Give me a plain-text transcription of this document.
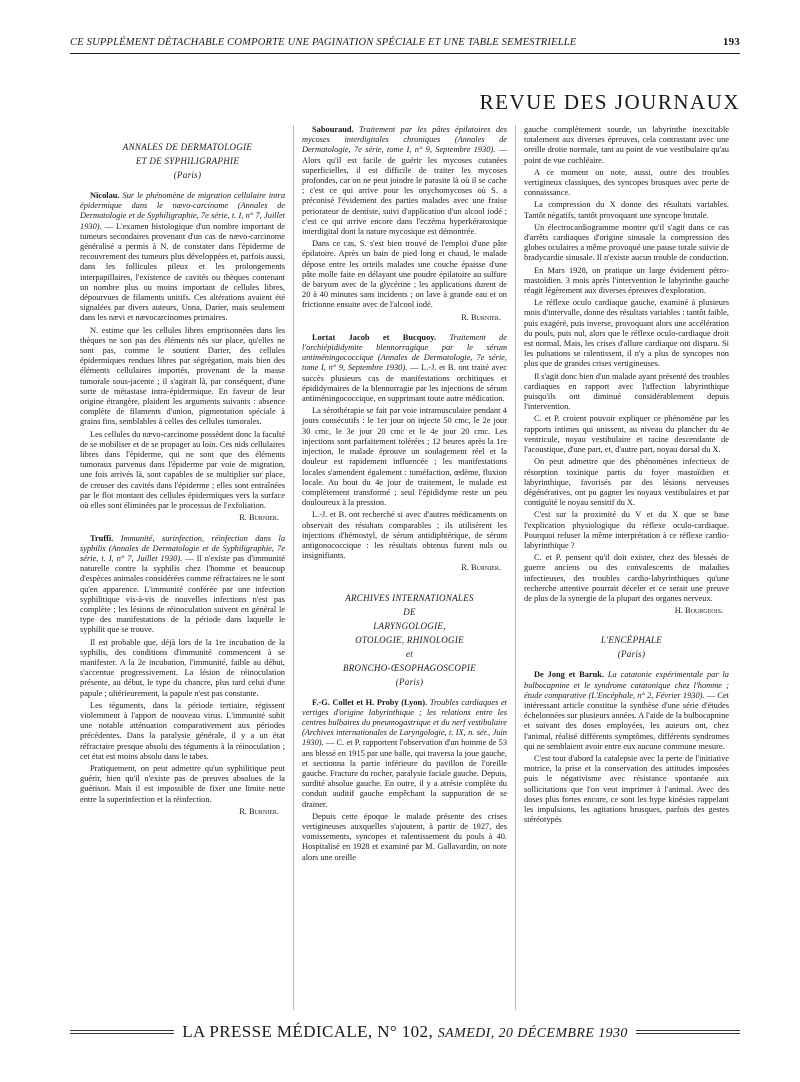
CE SUPPLÉMENT DÉTACHABLE COMPORTE UNE PAGINATION SPÉCIALE ET UNE TABLE SEMESTRIELLE	193
REVUE DES JOURNAUX

ANNALES DE DERMATOLOGIE

ET DE SYPHILIGRAPHIE

(Paris)

Nicolau. Sur le phénomène de migration cellulaire intra épidermique dans le nævo-carcinome (Annales de Dermatologie et de Syphiligraphie, 7e série, t. I, n° 7, Juillet 1930). — L'examen histologique d'un nombre important de tumeurs secondaires provenant d'un cas de nævo-carcinome généralisé a permis à N. de constater dans l'épiderme de recouvrement des tumeurs plus développées et, parfois aussi, dans les follicules pileux et les prolongements interpapillaires, l'existence de cavités ou thèques contenant un nombre plus ou moins important de cellules libres, dépourvues de filaments unitifs. Ces altérations avaient été signalées par divers auteurs, Unna, Darier, mais seulement dans les nævi et nævocarcinomes primaires.

N. estime que les cellules libres emprisonnées dans les thèques ne son pas des éléments nés sur place, qu'elles ne sont pas, comme le soutient Darier, des cellules épidermiques rendues libres par ségrégation, mais bien des éléments cellulaires importés, provenant de la masse tumorale sous-jacente ; il s'agirait là, par conséquent, d'une sorte de métastase intra-épidermique. En faveur de leur origine étrangère, plaident les arguments suivants : absence complète de filaments d'union, pigmentation spéciale à grains fins, semblables à celles des cellules tumorales.

Les cellules du nævo-carcinome possèdent donc la faculté de se mobiliser et de se propager au loin. Ces nids cellulaires libres dans l'épiderme, qui ne sont que des éléments tumoraux parvenus dans l'épiderme par voie de migration, une fois arrivés là, sont capables de se multiplier sur place, de creuser des cavités dans l'épiderme ; elles sont entraînées par le flot montant des cellules épidermiques vers la surface où elles sont éliminées par le processus de l'exfoliation.

R. Burnier.

Truffi. Immunité, surinfection, réinfection dans la syphilis (Annales de Dermatologie et de Syphiligraphie, 7e série, t. I, n° 7, Juillet 1930). — Il n'existe pas d'immunité naturelle contre la syphilis chez l'homme et beaucoup d'espèces animales considérées comme réfractaires ne le sont qu'en apparence. L'immunité conférée par une infection syphilitique vis-à-vis de nouvelles infections n'est pas complète ; les lésions de réinoculation suivent en général le type des manifestations de la période dans laquelle le syphilit que se trouve.

Il est probable que, déjà lors de la 1re incubation de la syphilis, des conditions d'immunité commencent à se manifester. A la 2e incubation, l'immunité, faible au début, s'accentue progressivement. La lésion de réinoculation présente, au début, le type du chancre, plus tard celui d'une papule ; ultérieurement, la papule n'est pas constante.

Les téguments, dans la période tertiaire, régissent violemment à l'apport de nouveau virus. L'immunité subit une notable atténuation comparativement aux périodes précédentes. Dans la paralysie générale, il y a un état réfractaire presque absolu des téguments à la réinoculation ; cet état est moins absolu dans le tabes.

Pratiquement, on peut admettre qu'un syphilitique peut guérir, bien qu'il n'existe pas de preuves absolues de la guérison. Mais il est impossible de fixer une limite nette entre la superinfection et la réinfection.

R. Burnier.

Sabouraud. Traitement par les pâtes épilatoires des mycoses interdigitales chroniques (Annales de Dermatologie, 7e série, tome I, n° 9, Septembre 1930). — Alors qu'il est facile de guérir les mycoses cutanées superficielles, il est difficile de traiter les mycoses profondes, car on ne peut joindre le parasite là où il se cache ; c'est ce qui arrive pour les onychomycoses où S. a préconisé l'évidement des parties malades avec une fraise periorateur de dentiste, suivi d'application d'un alcool iodé ; c'est ce qui arrive encore dans l'eczéma hyperkératosique interdigital dont la nature mycosique est démontrée.

Dans ce cas, S. s'est bien trouvé de l'emploi d'une pâte épilatoire. Après un bain de pied long et chaud, le malade dépose entre les orteils malades une couche épaisse d'une pâte molle faite en délayant une poudre épilatoire au sulfure de baryum avec de la glycérine ; les applications durent de 20 à 40 minutes sans incidents ; on lave à grande eau et on frictionne ensuite avec de l'alcool iodé.

R. Burnier.

Lortat Jacob et Bucquoy. Traitement de l'orchiépididymite blennorragique par le sérum antiméningococcique (Annales de Dermatologie, 7e série, tome I, n° 9, Septembre 1930). — L.-J. et B. ont traité avec succès plusieurs cas de manifestations orchitiques et épididymaires de la blennorragie par les injections de sérum antiméningococcique, en supprimant toute autre médication.

La sérothérapie se fait par voie intramusculaire pendant 4 jours consécutifs : le 1er jour on injecte 50 cmc, le 2e jour 30 cmc, le 3e jour 20 cmc et le 4e jour 20 cmc. Les injections sont parfaitement tolérées ; 12 heures après la 1re injection, le malade éprouve un soulagement réel et la douleur est rapidement influencée ; les manifestations locales s'amendent également : tuméfaction, œdème, fluxion locale. Au bout du 4e jour de traitement, le malade est complètement transformé ; seul l'épididyme reste un peu douloureux à la pression.

L.-J. et B. ont recherché si avec d'autres médicaments on observait des résultats comparables ; ils utilisèrent les injections d'hémostyl, de sérum antidiphtérique, de sérum antigonococcique : les résultats obtenus furent nuls ou insignifiants.

R. Burnier.

ARCHIVES INTERNATIONALES

DE

LARYNGOLOGIE,

OTOLOGIE, RHINOLOGIE

et

BRONCHO-ŒSOPHAGOSCOPIE

(Paris)

F.-G. Collet et H. Proby (Lyon). Troubles cardiaques et vertiges d'origine labyrinthique ; les relations entre les centres bulbaires du pneumogastrique et du nerf vestibulaire (Archives internationales de Laryngologie, t. IX, n. sér., Juin 1930). — C. et P. rapportent l'observation d'un homme de 53 ans blessé en 1915 par une balle, qui traversa la joue gauche, et sectionna la partie inférieure du pavillon de l'oreille gauche. Fracture du rocher, paralysie faciale gauche. Depuis, surdité absolue gauche. En outre, il y a atrésie complète du conduit auditif gauche empêchant la suppuration de se drainer.

Depuis cette époque le malade présente des crises vertigineuses auxquelles s'ajoutent, à partir de 1927, des vomissements, syncopes et ralentissement du pouls à 40. Hospitalisé en 1928 et examiné par M. Gallavardin, on note alors une oreille

gauche complètement sourde, un labyrinthe inexcitable totalement aux diverses épreuves, cela contrastant avec une oreille droite normale, tant au point de vue vestibulaire qu'au point de vue cochléaire.

A ce moment on note, aussi, outre des troubles vertigineux classiques, des syncopes brusques avec perte de connaissance.

La compression du X donne des résultats variables. Tantôt négatifs, tantôt provoquant une syncope brutale.

Un électrocardiogramme montre qu'il s'agit dans ce cas d'arrêts cardiaques d'origine sinusale la compression des globes oculaires a même provoqué une pause totale suivie de bradycardie sinusale. Il n'existe aucun trouble de conduction.

En Mars 1928, on pratique un large évidement pétro-mastoïdien. 3 mois après l'intervention le labyrinthe gauche réagit légèrement aux diverses épreuves d'exploration.

Le réflexe oculo cardiaque gauche, examiné à plusieurs mois d'intervalle, donne des résultats variables : tantôt faible, puis exagéré, puis inverse, provoquant alors une accélération du pouls, puis nul, alors que le réflexe oculo-cardiaque droit est normal. Mais, les crises d'allure cardiaque ont disparu. Si les pulsations se ralentissent, il n'y a plus de syncopes non plus que de grandes crises vertigineuses.

Il s'agit donc bien d'un malade ayant présenté des troubles cardiaques en rapport avec l'affection labyrinthique puisqu'ils ont diminué considérablement depuis l'intervention.

C. et P. croient pouvoir expliquer ce phénomène par les rapports intimes qui unissent, au niveau du plancher du 4e ventricule, noyau vestibulaire et racine descendante de l'acoustique, d'une part, et, d'autre part, noyau dorsal du X.

On peut admettre que des phénomènes infectieux de résorption toxinique partis du foyer mastoïdien et labyrinthique, favorisés par des lésions nerveuses dégénératives, ont pu gagner les noyaux vestibulaires et par contiguïté le noyau sensitif du X.

C'est sur la proximité du V et du X que se base l'explication physiologique du réflexe oculo-cardiaque. Pourquoi refuser la même interprétation à ce réflexe cardio-labyrinthique ?

C. et P. pensent qu'il doit exister, chez des blessés de guerre anciens ou des convalescents de maladies infectieuses, des troubles cardio-labyrinthiques qu'une recherche attentive pourrait déceler et ce serait une preuve de plus de la synergie de la plupart des organes nerveux.

H. Bourgeois.

L'ENCÉPHALE

(Paris)

De Jong et Baruk. La catatonie expérimentale par la bulbocapnine et le syndrome catatonique chez l'homme ; étude comparative (L'Encéphale, n° 2, Février 1930). — Cet intéressant article constitue la synthèse d'une série d'études échelonnées sur plusieurs années. A l'aide de la bulbocapnine et suivant des doses employées, les auteurs ont, chez l'animal, réalisé différents symptômes, différents syndromes qui ne semblaient avoir entre eux aucune commune mesure.

C'est tout d'abord la catalepsie avec la perte de l'initiative motrice, la prise et la conservation des attitudes imposées puis le négativisme avec résistance spontanée aux sollicitations que l'on veut imprimer à l'animal. Avec des doses plus fortes encore, ce sont les hype kinésies rappelant les impulsions, les agitations brusques, parfois des gestes stéréotypés

LA PRESSE MÉDICALE, N° 102, SAMEDI, 20 DÉCEMBRE 1930
